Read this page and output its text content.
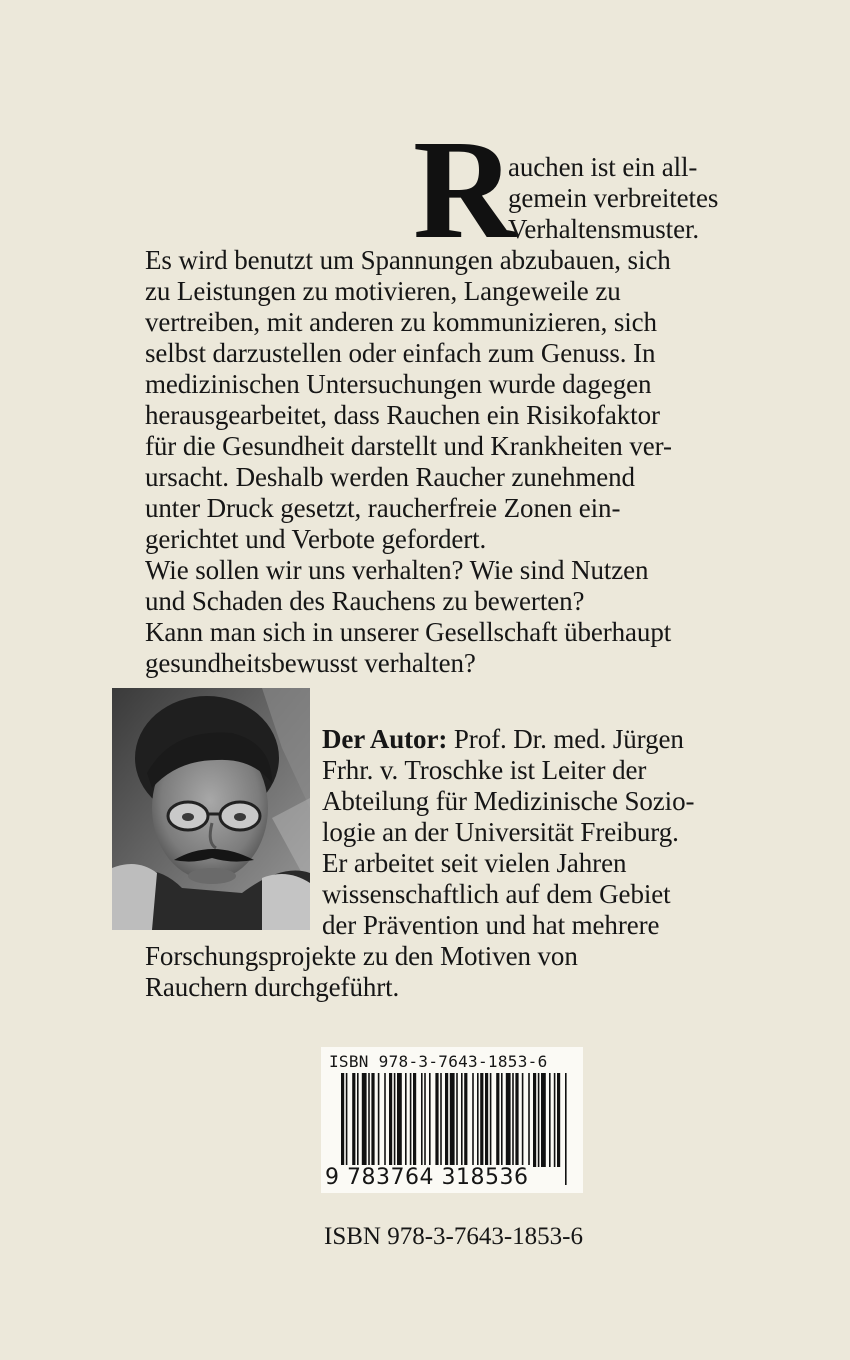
R
auchen ist ein all-
gemein verbreitetes
Verhaltensmuster.
Es wird benutzt um Spannungen abzubauen, sich
zu Leistungen zu motivieren, Langeweile zu
vertreiben, mit anderen zu kommunizieren, sich
selbst darzustellen oder einfach zum Genuss. In
medizinischen Untersuchungen wurde dagegen
herausgearbeitet, dass Rauchen ein Risikofaktor
für die Gesundheit darstellt und Krankheiten ver-
ursacht. Deshalb werden Raucher zunehmend
unter Druck gesetzt, raucherfreie Zonen ein-
gerichtet und Verbote gefordert.
Wie sollen wir uns verhalten? Wie sind Nutzen
und Schaden des Rauchens zu bewerten?
Kann man sich in unserer Gesellschaft überhaupt
gesundheitsbewusst verhalten?
Der Autor: Prof. Dr. med. Jürgen
Frhr. v. Troschke ist Leiter der
Abteilung für Medizinische Soziо-
logie an der Universität Freiburg.
Er arbeitet seit vielen Jahren
wissenschaftlich auf dem Gebiet
der Prävention und hat mehrere
Forschungsprojekte zu den Motiven von
Rauchern durchgeführt.
ISBN 978-3-7643-1853-6
9 783764 318536
ISBN 978-3-7643-1853-6
